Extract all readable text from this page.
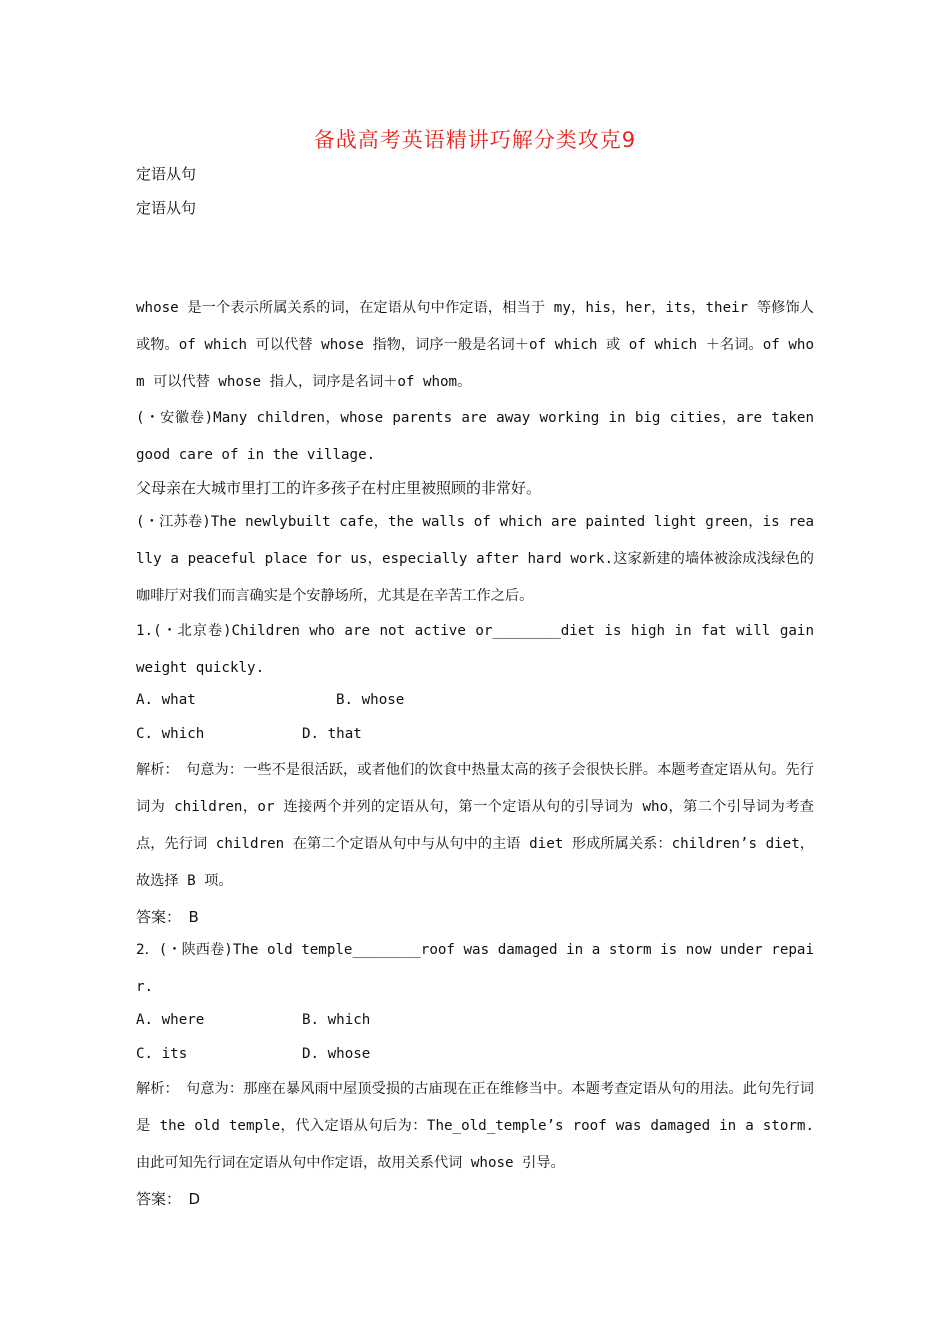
备战高考英语精讲巧解分类攻克9
定语从句
定语从句

whose 是一个表示所属关系的词，在定语从句中作定语，相当于 my，his，her，its，their 等修饰人或物。of which 可以代替 whose 指物，词序一般是名词＋of which 或 of which ＋名词。of whom 可以代替 whose 指人，词序是名词＋of whom。

(・安徽卷)Many children，whose parents are away working in big cities，are taken good care of in the village.

父母亲在大城市里打工的许多孩子在村庄里被照顾的非常好。

(・江苏卷)The newlybuilt cafe，the walls of which are painted light green，is really a peaceful place for us，especially after hard work.这家新建的墙体被涂成浅绿色的咖啡厅对我们而言确实是个安静场所，尤其是在辛苦工作之后。

1.(・北京卷)Children who are not active or________diet is high in fat will gain weight quickly.

A. what	B. whose
C. which	D. that

解析：　句意为：一些不是很活跃，或者他们的饮食中热量太高的孩子会很快长胖。本题考查定语从句。先行词为 children，or 连接两个并列的定语从句，第一个定语从句的引导词为 who，第二个引导词为考查点，先行词 children 在第二个定语从句中与从句中的主语 diet 形成所属关系：children’s diet，故选择 B 项。

答案：　B

2．(・陕西卷)The old temple________roof was damaged in a storm is now under repair.

A. where	B. which
C. its	D. whose

解析：　句意为：那座在暴风雨中屋顶受损的古庙现在正在维修当中。本题考查定语从句的用法。此句先行词是 the old temple，代入定语从句后为：The_old_temple’s roof was damaged in a storm.由此可知先行词在定语从句中作定语，故用关系代词 whose 引导。

答案：　D
